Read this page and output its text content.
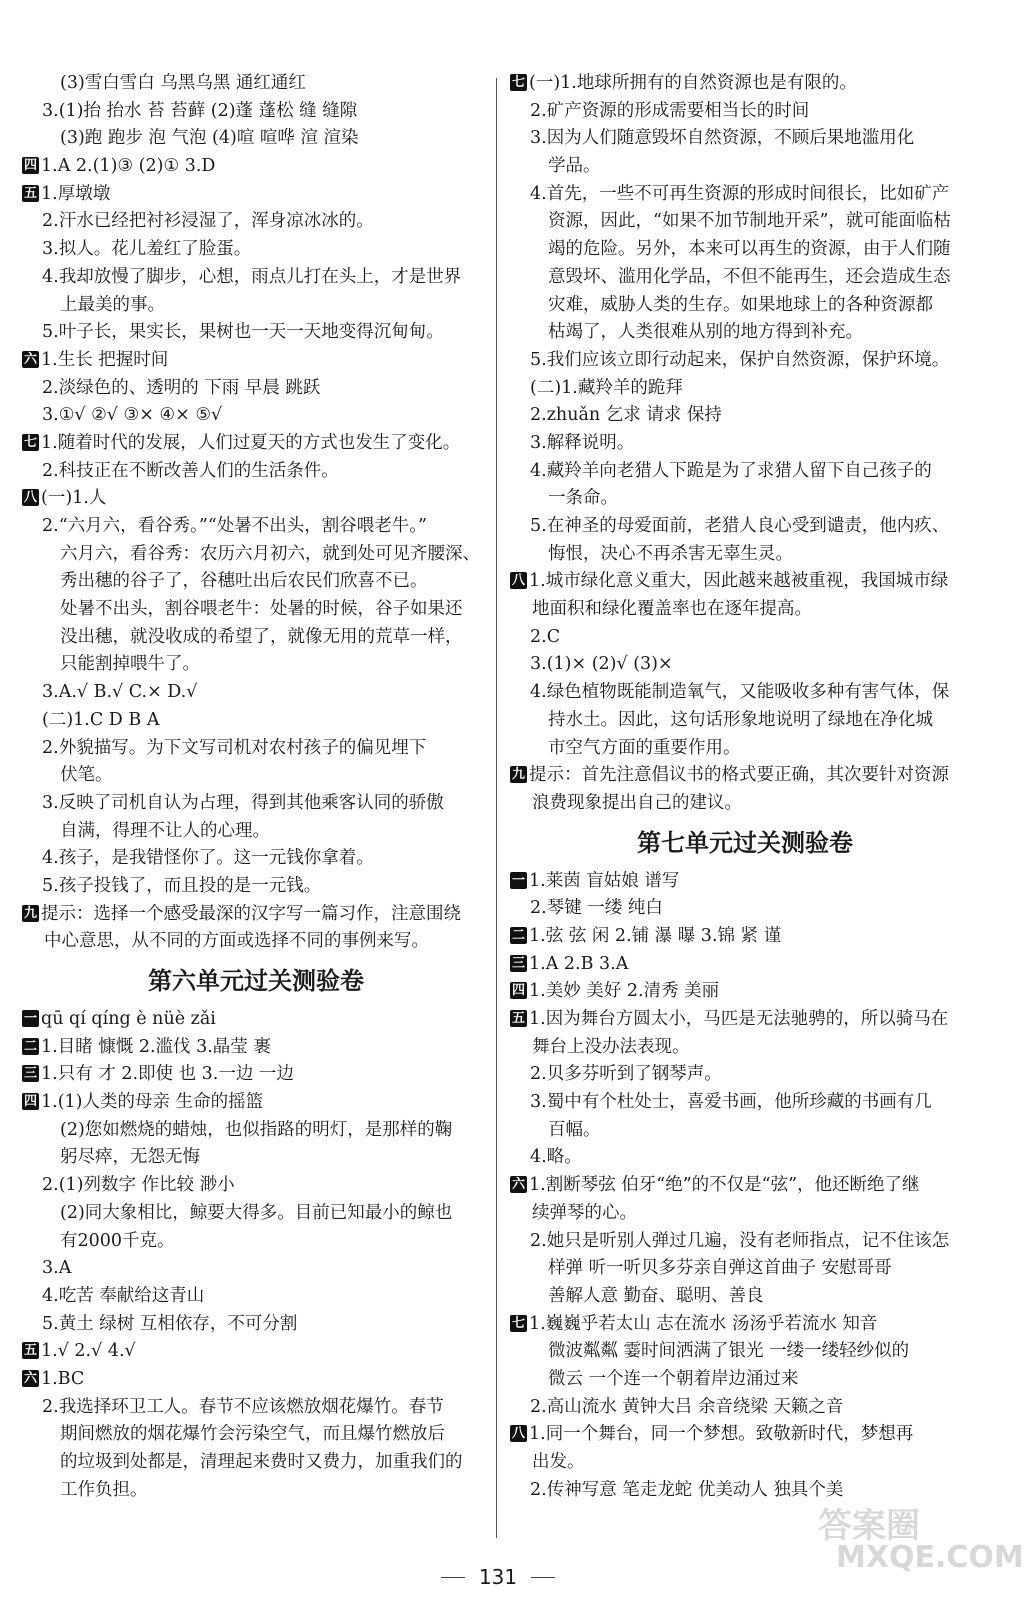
(3)雪白雪白 乌黑乌黑 通红通红
3.(1)抬 抬水 苔 苔藓 (2)蓬 蓬松 缝 缝隙
(3)跑 跑步 泡 气泡 (4)喧 喧哗 渲 渲染
四 1.A 2.(1)③ (2)① 3.D
五 1.厚墩墩
2.汗水已经把衬衫浸湿了，浑身凉冰冰的。
3.拟人。花儿羞红了脸蛋。
4.我却放慢了脚步，心想，雨点儿打在头上，才是世界
上最美的事。
5.叶子长，果实长，果树也一天一天地变得沉甸甸。
六 1.生长 把握时间
2.淡绿色的、透明的 下雨 早晨 跳跃
3.①√ ②√ ③× ④× ⑤√
七 1.随着时代的发展，人们过夏天的方式也发生了变化。
2.科技正在不断改善人们的生活条件。
八 (一)1.人
2.“六月六，看谷秀。”“处暑不出头，割谷喂老牛。”
六月六，看谷秀：农历六月初六，就到处可见齐腰深、
秀出穗的谷子了，谷穗吐出后农民们欣喜不已。
处暑不出头，割谷喂老牛：处暑的时候，谷子如果还
没出穗，就没收成的希望了，就像无用的荒草一样，
只能割掉喂牛了。
3.A.√ B.√ C.× D.√
(二)1.C D B A
2.外貌描写。为下文写司机对农村孩子的偏见埋下
伏笔。
3.反映了司机自认为占理，得到其他乘客认同的骄傲
自满，得理不让人的心理。
4.孩子，是我错怪你了。这一元钱你拿着。
5.孩子投钱了，而且投的是一元钱。
九 提示：选择一个感受最深的汉字写一篇习作，注意围绕
中心意思，从不同的方面或选择不同的事例来写。
第六单元过关测验卷
一 qū qí qíng è nüè zǎi
二 1.目睹 慷慨 2.滥伐 3.晶莹 裹
三 1.只有 才 2.即使 也 3.一边 一边
四 1.(1)人类的母亲 生命的摇篮
(2)您如燃烧的蜡烛，也似指路的明灯，是那样的鞠
躬尽瘁，无怨无悔
2.(1)列数字 作比较 渺小
(2)同大象相比，鲸要大得多。目前已知最小的鲸也
有2000千克。
3.A
4.吃苦 奉献给这青山
5.黄土 绿树 互相依存，不可分割
五 1.√ 2.√ 4.√
六 1.BC
2.我选择环卫工人。春节不应该燃放烟花爆竹。春节
期间燃放的烟花爆竹会污染空气，而且爆竹燃放后
的垃圾到处都是，清理起来费时又费力，加重我们的
工作负担。
七 (一)1.地球所拥有的自然资源也是有限的。
2.矿产资源的形成需要相当长的时间
3.因为人们随意毁坏自然资源，不顾后果地滥用化
学品。
4.首先，一些不可再生资源的形成时间很长，比如矿产
资源，因此，“如果不加节制地开采”，就可能面临枯
竭的危险。另外，本来可以再生的资源，由于人们随
意毁坏、滥用化学品，不但不能再生，还会造成生态
灾难，威胁人类的生存。如果地球上的各种资源都
枯竭了，人类很难从别的地方得到补充。
5.我们应该立即行动起来，保护自然资源，保护环境。
(二)1.藏羚羊的跪拜
2.zhuǎn 乞求 请求 保持
3.解释说明。
4.藏羚羊向老猎人下跪是为了求猎人留下自己孩子的
一条命。
5.在神圣的母爱面前，老猎人良心受到谴责，他内疚、
悔恨，决心不再杀害无辜生灵。
八 1.城市绿化意义重大，因此越来越被重视，我国城市绿
地面积和绿化覆盖率也在逐年提高。
2.C
3.(1)× (2)√ (3)×
4.绿色植物既能制造氧气，又能吸收多种有害气体，保
持水土。因此，这句话形象地说明了绿地在净化城
市空气方面的重要作用。
九 提示：首先注意倡议书的格式要正确，其次要针对资源
浪费现象提出自己的建议。
第七单元过关测验卷
一 1.莱茵 盲姑娘 谱写
2.琴键 一缕 纯白
二 1.弦 弦 闲 2.铺 瀑 曝 3.锦 紧 谨
三 1.A 2.B 3.A
四 1.美妙 美好 2.清秀 美丽
五 1.因为舞台方圆太小，马匹是无法驰骋的，所以骑马在
舞台上没办法表现。
2.贝多芬听到了钢琴声。
3.蜀中有个杜处士，喜爱书画，他所珍藏的书画有几
百幅。
4.略。
六 1.割断琴弦 伯牙“绝”的不仅是“弦”，他还断绝了继
续弹琴的心。
2.她只是听别人弹过几遍，没有老师指点，记不住该怎
样弹 听一听贝多芬亲自弹这首曲子 安慰哥哥
善解人意 勤奋、聪明、善良
七 1.巍巍乎若太山 志在流水 汤汤乎若流水 知音
微波粼粼 霎时间洒满了银光 一缕一缕轻纱似的
微云 一个连一个朝着岸边涌过来
2.高山流水 黄钟大吕 余音绕梁 天籁之音
八 1.同一个舞台，同一个梦想。致敬新时代，梦想再
出发。
2.传神写意 笔走龙蛇 优美动人 独具个美
131
答案圈
MXQE.COM
